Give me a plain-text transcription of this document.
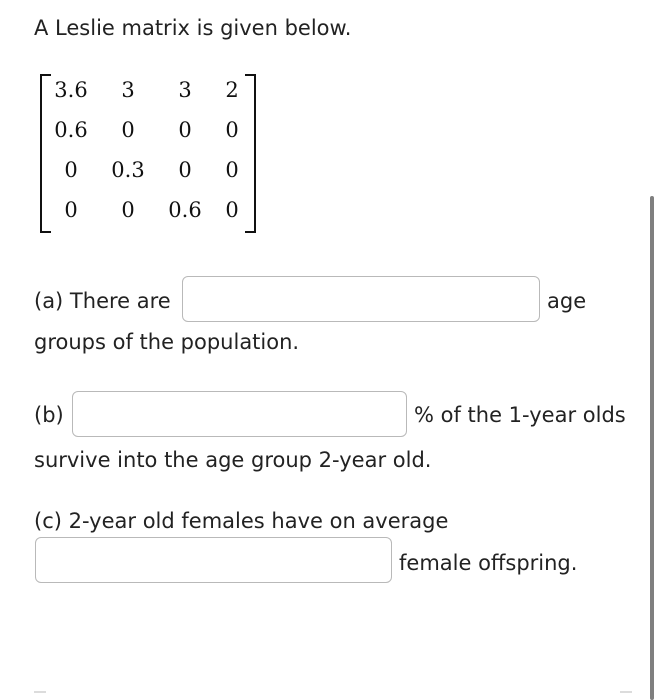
A Leslie matrix is given below.
3.6	3	3	2
0.6	0	0	0
0	0.3	0	0
0	0	0.6	0
(a) There are	age
groups of the population.
(b)	% of the 1-year olds
survive into the age group 2-year old.
(c) 2-year old females have on average
female offspring.
